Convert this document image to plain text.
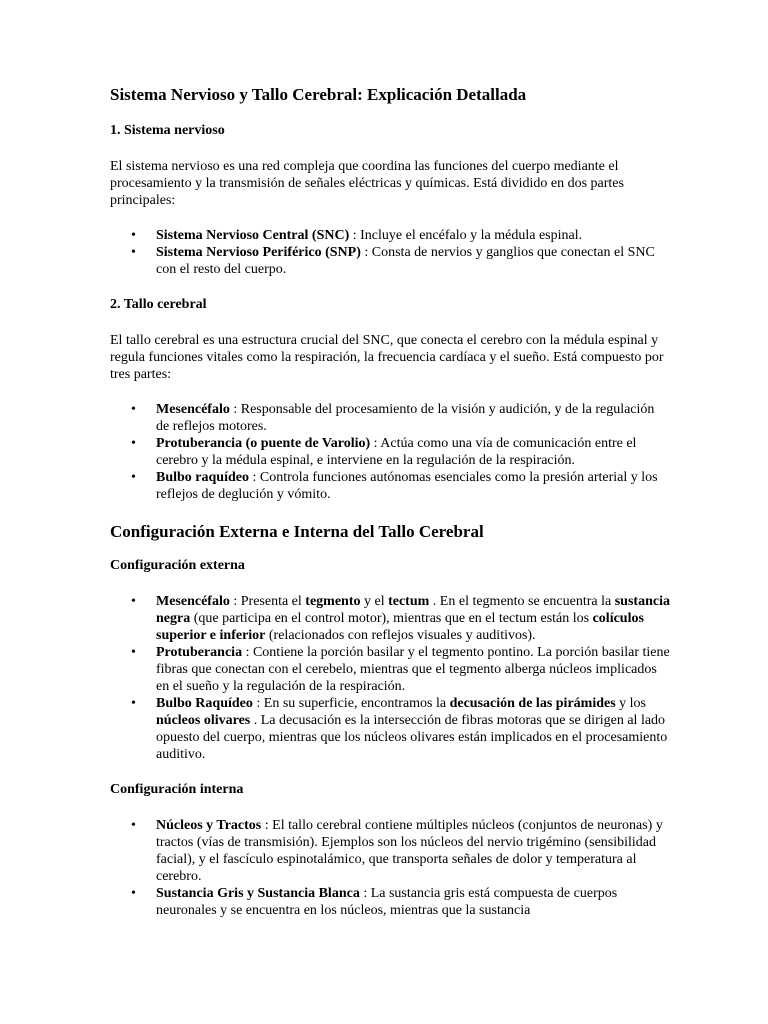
Sistema Nervioso y Tallo Cerebral: Explicación Detallada
1. Sistema nervioso

El sistema nervioso es una red compleja que coordina las funciones del cuerpo mediante el procesamiento y la transmisión de señales eléctricas y químicas. Está dividido en dos partes principales:

• Sistema Nervioso Central (SNC) : Incluye el encéfalo y la médula espinal.
• Sistema Nervioso Periférico (SNP) : Consta de nervios y ganglios que conectan el SNC con el resto del cuerpo.
2. Tallo cerebral

El tallo cerebral es una estructura crucial del SNC, que conecta el cerebro con la médula espinal y regula funciones vitales como la respiración, la frecuencia cardíaca y el sueño. Está compuesto por tres partes:

• Mesencéfalo : Responsable del procesamiento de la visión y audición, y de la regulación de reflejos motores.
• Protuberancia (o puente de Varolio) : Actúa como una vía de comunicación entre el cerebro y la médula espinal, e interviene en la regulación de la respiración.
• Bulbo raquídeo : Controla funciones autónomas esenciales como la presión arterial y los reflejos de deglución y vómito.
Configuración Externa e Interna del Tallo Cerebral
Configuración externa
• Mesencéfalo : Presenta el tegmento y el tectum . En el tegmento se encuentra la sustancia negra (que participa en el control motor), mientras que en el tectum están los colículos superior e inferior (relacionados con reflejos visuales y auditivos).
• Protuberancia : Contiene la porción basilar y el tegmento pontino. La porción basilar tiene fibras que conectan con el cerebelo, mientras que el tegmento alberga núcleos implicados en el sueño y la regulación de la respiración.
• Bulbo Raquídeo : En su superficie, encontramos la decusación de las pirámides y los núcleos olivares . La decusación es la intersección de fibras motoras que se dirigen al lado opuesto del cuerpo, mientras que los núcleos olivares están implicados en el procesamiento auditivo.
Configuración interna
• Núcleos y Tractos : El tallo cerebral contiene múltiples núcleos (conjuntos de neuronas) y tractos (vías de transmisión). Ejemplos son los núcleos del nervio trigémino (sensibilidad facial), y el fascículo espinotalámico, que transporta señales de dolor y temperatura al cerebro.
• Sustancia Gris y Sustancia Blanca : La sustancia gris está compuesta de cuerpos neuronales y se encuentra en los núcleos, mientras que la sustancia
